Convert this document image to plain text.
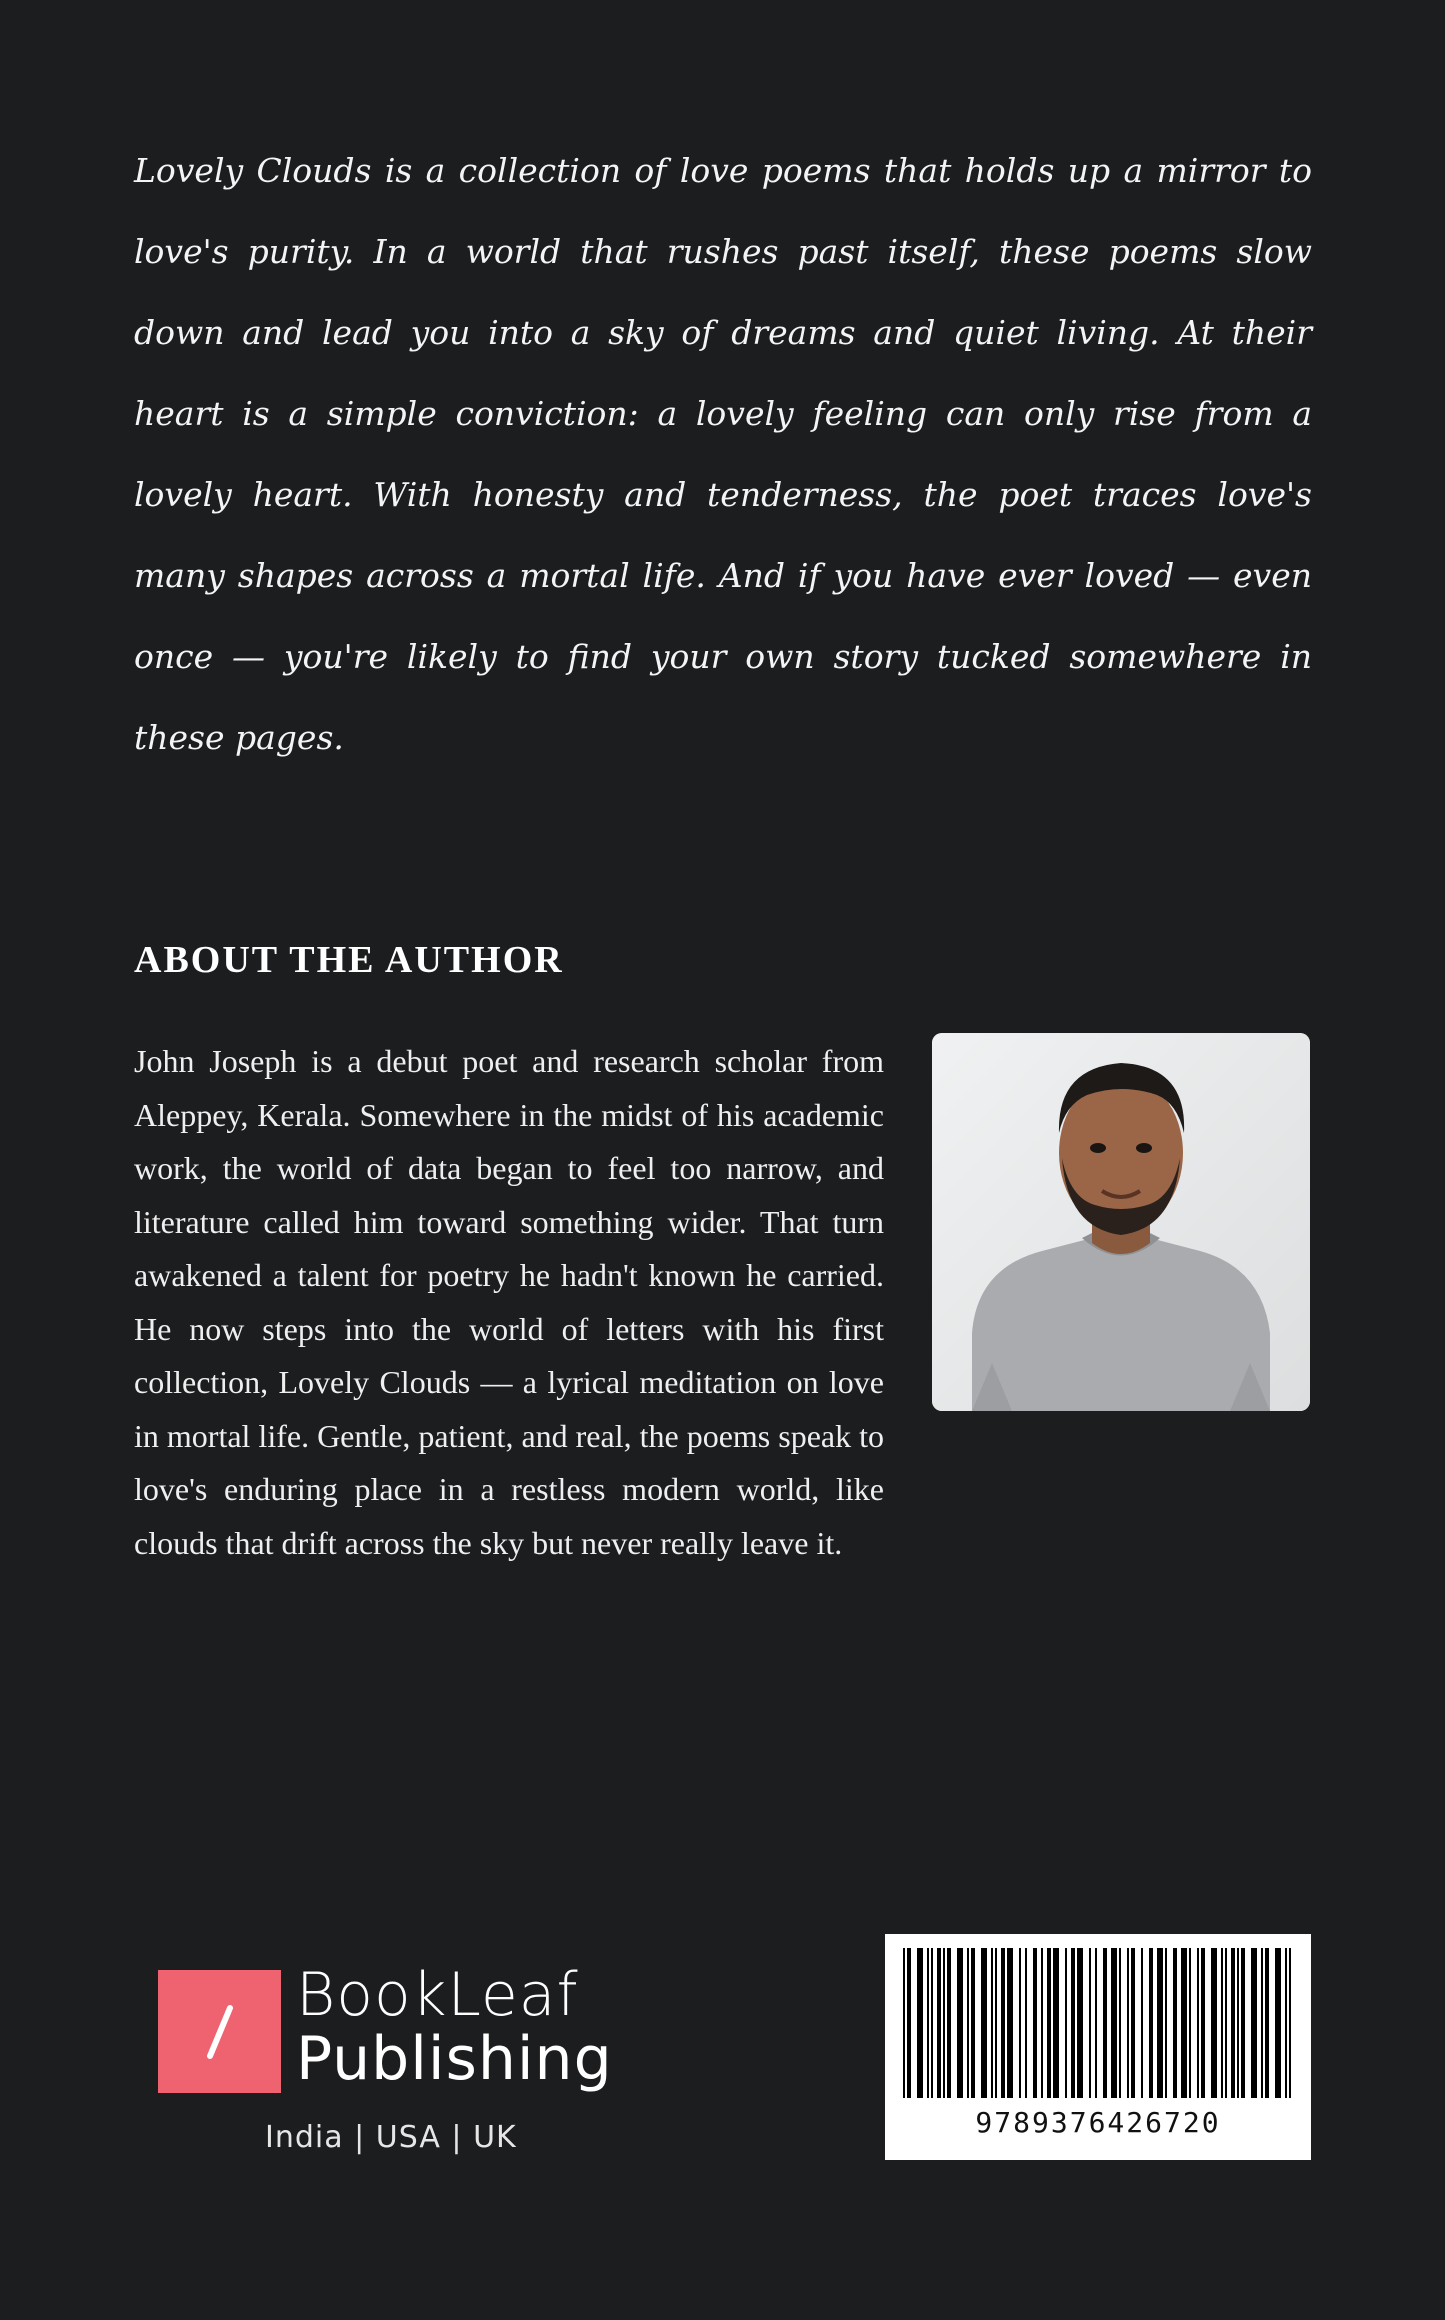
Lovely Clouds is a collection of love poems that holds up a mirror to love's purity. In a world that rushes past itself, these poems slow down and lead you into a sky of dreams and quiet living. At their heart is a simple conviction: a lovely feeling can only rise from a lovely heart. With honesty and tenderness, the poet traces love's many shapes across a mortal life. And if you have ever loved — even once — you're likely to find your own story tucked somewhere in these pages.

ABOUT THE AUTHOR

John Joseph is a debut poet and research scholar from Aleppey, Kerala. Somewhere in the midst of his academic work, the world of data began to feel too narrow, and literature called him toward something wider. That turn awakened a talent for poetry he hadn't known he carried. He now steps into the world of letters with his first collection, Lovely Clouds — a lyrical meditation on love in mortal life. Gentle, patient, and real, the poems speak to love's enduring place in a restless modern world, like clouds that drift across the sky but never really leave it.

BookLeaf

Publishing

India | USA | UK	9789376426720
